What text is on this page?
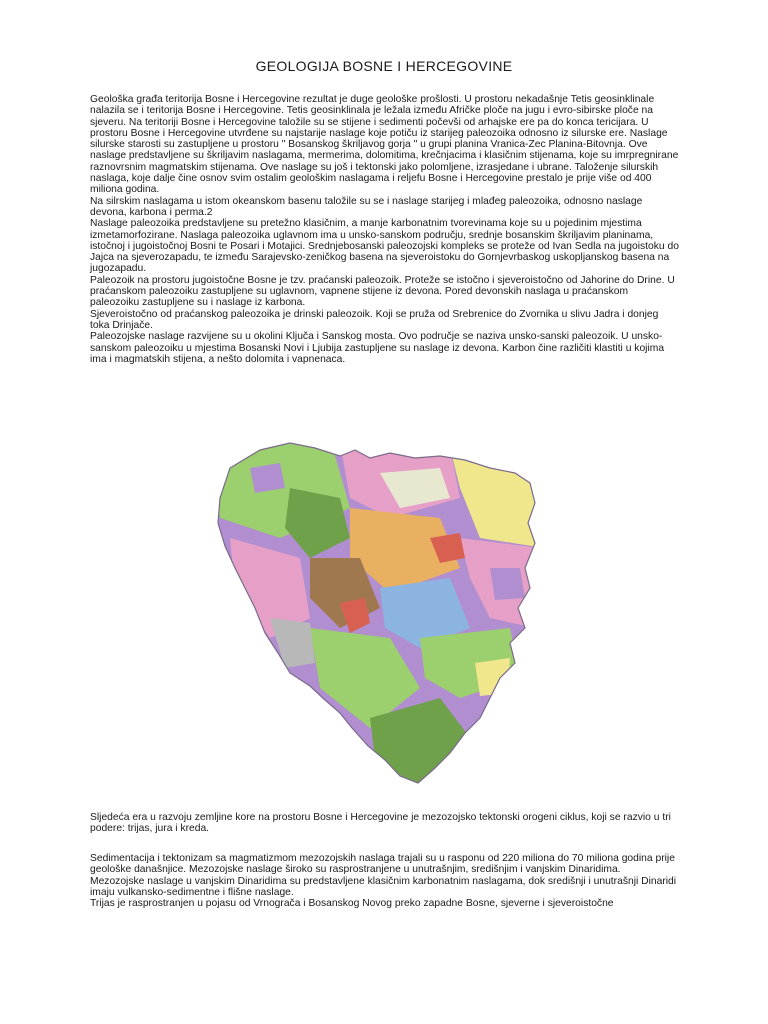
GEOLOGIJA BOSNE I HERCEGOVINE

Geološka građa teritorija Bosne i Hercegovine rezultat je duge geološke prošlosti. U prostoru nekadašnje Tetis geosinklinale nalazila se i teritorija Bosne i Hercegovine. Tetis geosinklinala je ležala između Afričke ploče na jugu i evro-sibirske ploče na sjeveru. Na teritoriji Bosne i Hercegovine taložile su se stijene i sedimenti počevši od arhajske ere pa do konca tericijara. U prostoru Bosne i Hercegovine utvrđene su najstarije naslage koje potiču iz starijeg paleozoika odnosno iz silurske ere. Naslage silurske starosti su zastupljene u prostoru " Bosanskog škriljavog gorja " u grupi planina Vranica-Zec Planina-Bitovnja. Ove naslage predstavljene su škriljavim naslagama, mermerima, dolomitima, krečnjacima i klasičnim stijenama, koje su imrpregnirane raznovrsnim magmatskim stijenama. Ove naslage su još i tektonski jako polomljene, izrasjedane i ubrane. Taloženje silurskih naslaga, koje dalje čine osnov svim ostalim geološkim naslagama i reljefu Bosne i Hercegovine prestalo je prije više od 400 miliona godina.

Na silrskim naslagama u istom okeanskom basenu taložile su se i naslage starijeg i mlađeg paleozoika, odnosno naslage devona, karbona i perma.2

Naslage paleozoika predstavljene su pretežno klasičnim, a manje karbonatnim tvorevinama koje su u pojedinim mjestima izmetamorfozirane. Naslaga paleozoika uglavnom ima u unsko-sanskom području, srednje bosanskim škriljavim planinama, istočnoj i jugoistočnoj Bosni te Posari i Motajici. Srednjebosanski paleozojski kompleks se proteže od Ivan Sedla na jugoistoku do Jajca na sjeverozapadu, te između Sarajevsko-zeničkog basena na sjeveroistoku do Gornjevrbaskog uskopljanskog basena na jugozapadu.

Paleozoik na prostoru jugoistočne Bosne je tzv. praćanski paleozoik. Proteže se istočno i sjeveroistočno od Jahorine do Drine. U praćanskom paleozoiku zastupljene su uglavnom, vapnene stijene iz devona. Pored devonskih naslaga u praćanskom paleozoiku zastupljene su i naslage iz karbona.

Sjeveroistočno od praćanskog paleozoika je drinski paleozoik. Koji se pruža od Srebrenice do Zvornika u slivu Jadra i donjeg toka Drinjače.

Paleozojske naslage razvijene su u okolini Ključa i Sanskog mosta. Ovo područje se naziva unsko-sanski paleozoik. U unsko-sanskom paleozoiku u mjestima Bosanski Novi i Ljubija zastupljene su naslage iz devona. Karbon čine različiti klastiti u kojima ima i magmatskih stijena, a nešto dolomita i vapnenaca.

Sljedeća era u razvoju zemljine kore na prostoru Bosne i Hercegovine je mezozojsko tektonski orogeni ciklus, koji se razvio u tri podere: trijas, jura i kreda.

Sedimentacija i tektonizam sa magmatizmom mezozojskih naslaga trajali su u rasponu od 220 miliona do 70 miliona godina prije geološke današnjice. Mezozojske naslage široko su rasprostranjene u unutrašnjim, središnjim i vanjskim Dinaridima.

Mezozojske naslage u vanjskim Dinaridima su predstavljene klasičnim karbonatnim naslagama, dok središnji i unutrašnji Dinaridi imaju vulkansko-sedimentne i flišne naslage.

Trijas je rasprostranjen u pojasu od Vrnograča i Bosanskog Novog preko zapadne Bosne, sjeverne i sjeveroistočne
